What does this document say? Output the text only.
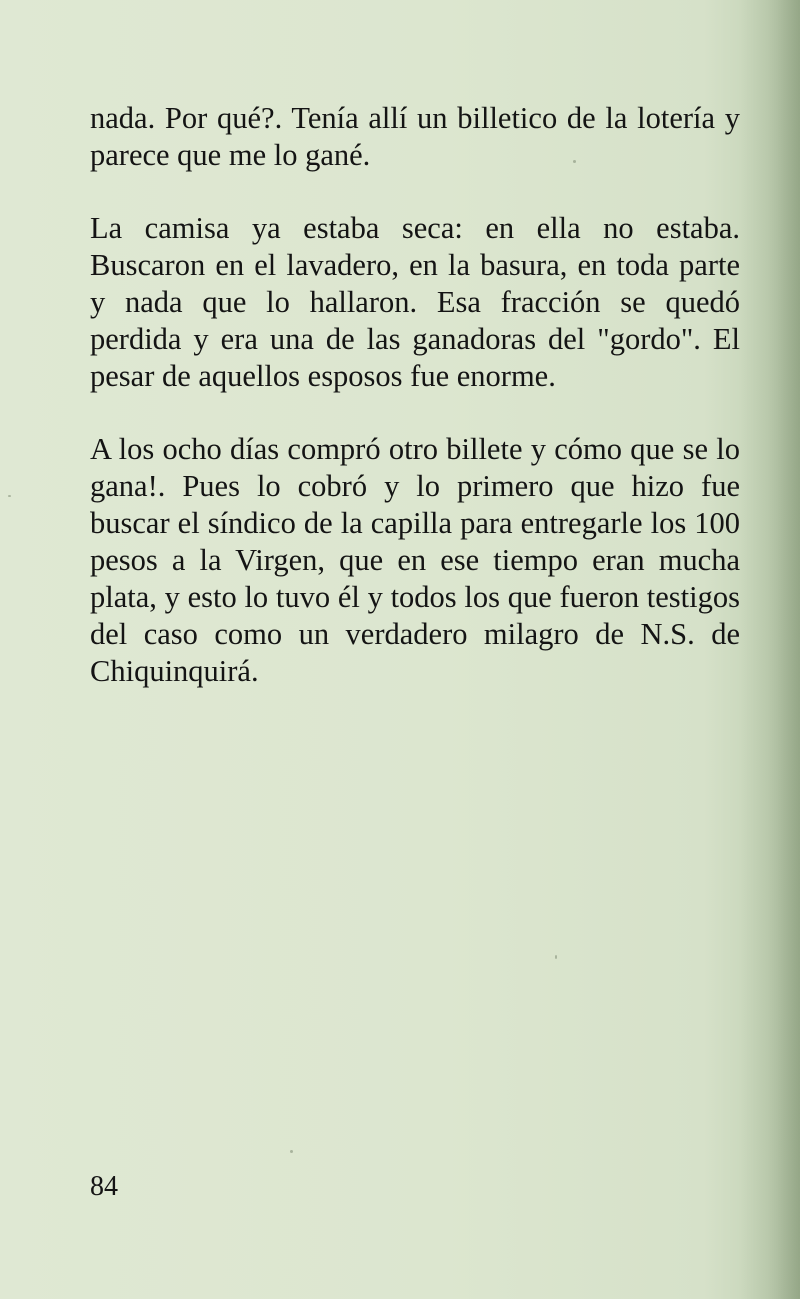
nada. Por qué?. Tenía allí un billetico de la lotería y parece que me lo gané.

La camisa ya estaba seca: en ella no estaba. Buscaron en el lavadero, en la basura, en toda parte y nada que lo hallaron. Esa fracción se quedó perdida y era una de las ganadoras del "gordo". El pesar de aquellos esposos fue enorme.

A los ocho días compró otro billete y cómo que se lo gana!. Pues lo cobró y lo primero que hizo fue buscar el síndico de la capilla para entregarle los 100 pesos a la Virgen, que en ese tiempo eran mucha plata, y esto lo tuvo él y todos los que fueron testigos del caso como un verdadero milagro de N.S. de Chiquinquirá.

84
